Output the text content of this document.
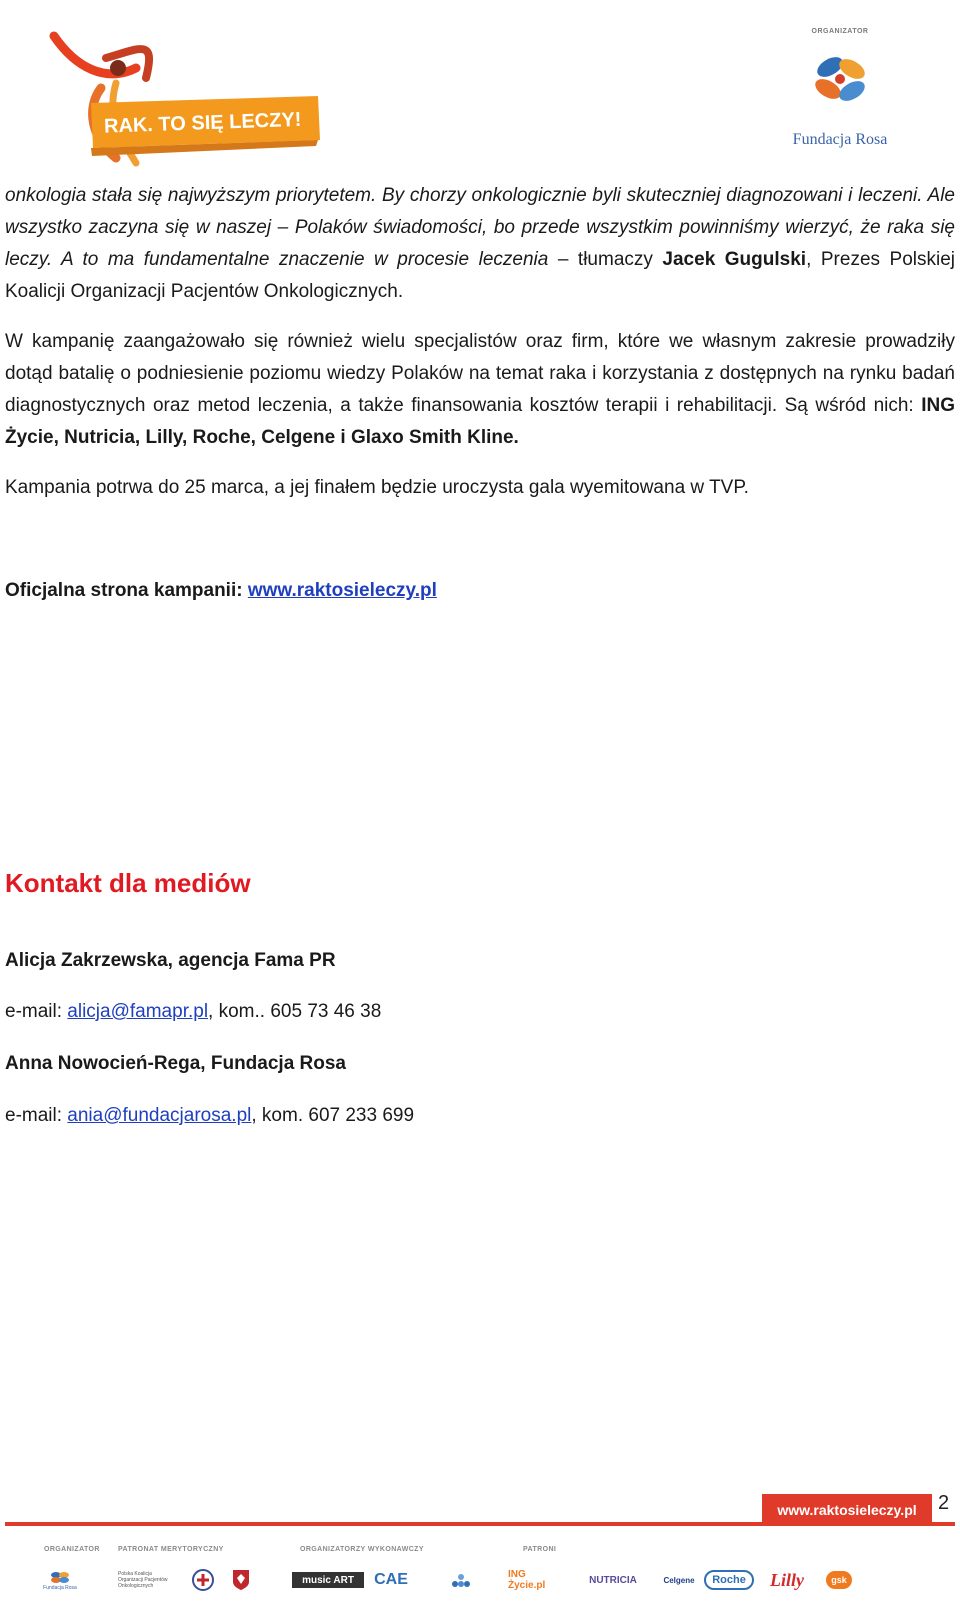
RAK. TO SIĘ LECZY!
ORGANIZATOR
Fundacja Rosa

onkologia stała się najwyższym priorytetem. By chorzy onkologicznie byli skuteczniej diagnozowani i leczeni. Ale wszystko zaczyna się w naszej – Polaków świadomości, bo przede wszystkim powinniśmy wierzyć, że raka się leczy. A to ma fundamentalne znaczenie w procesie leczenia – tłumaczy Jacek Gugulski, Prezes Polskiej Koalicji Organizacji Pacjentów Onkologicznych.

W kampanię zaangażowało się również wielu specjalistów oraz firm, które we własnym zakresie prowadziły dotąd batalię o podniesienie poziomu wiedzy Polaków na temat raka i korzystania z dostępnych na rynku badań diagnostycznych oraz metod leczenia, a także finansowania kosztów terapii i rehabilitacji. Są wśród nich: ING Życie, Nutricia, Lilly, Roche, Celgene i Glaxo Smith Kline.

Kampania potrwa do 25 marca, a jej finałem będzie uroczysta gala wyemitowana w TVP.

Oficjalna strona kampanii: www.raktosieleczy.pl

Kontakt dla mediów

Alicja Zakrzewska, agencja Fama PR

e-mail: alicja@famapr.pl, kom.. 605 73 46 38

Anna Nowocień-Rega, Fundacja Rosa

e-mail: ania@fundacjarosa.pl, kom. 607 233 699

www.raktosieleczy.pl	2
ORGANIZATOR	PATRONAT MERYTORYCZNY	ORGANIZATORZY WYKONAWCZY	PATRONI
Fundacja Rosa
Polska Koalicja Organizacji Pacjentów Onkologicznych
music ART	CAE	ING Życie.pl	NUTRICIA	Celgene	Roche	Lilly	gsk
